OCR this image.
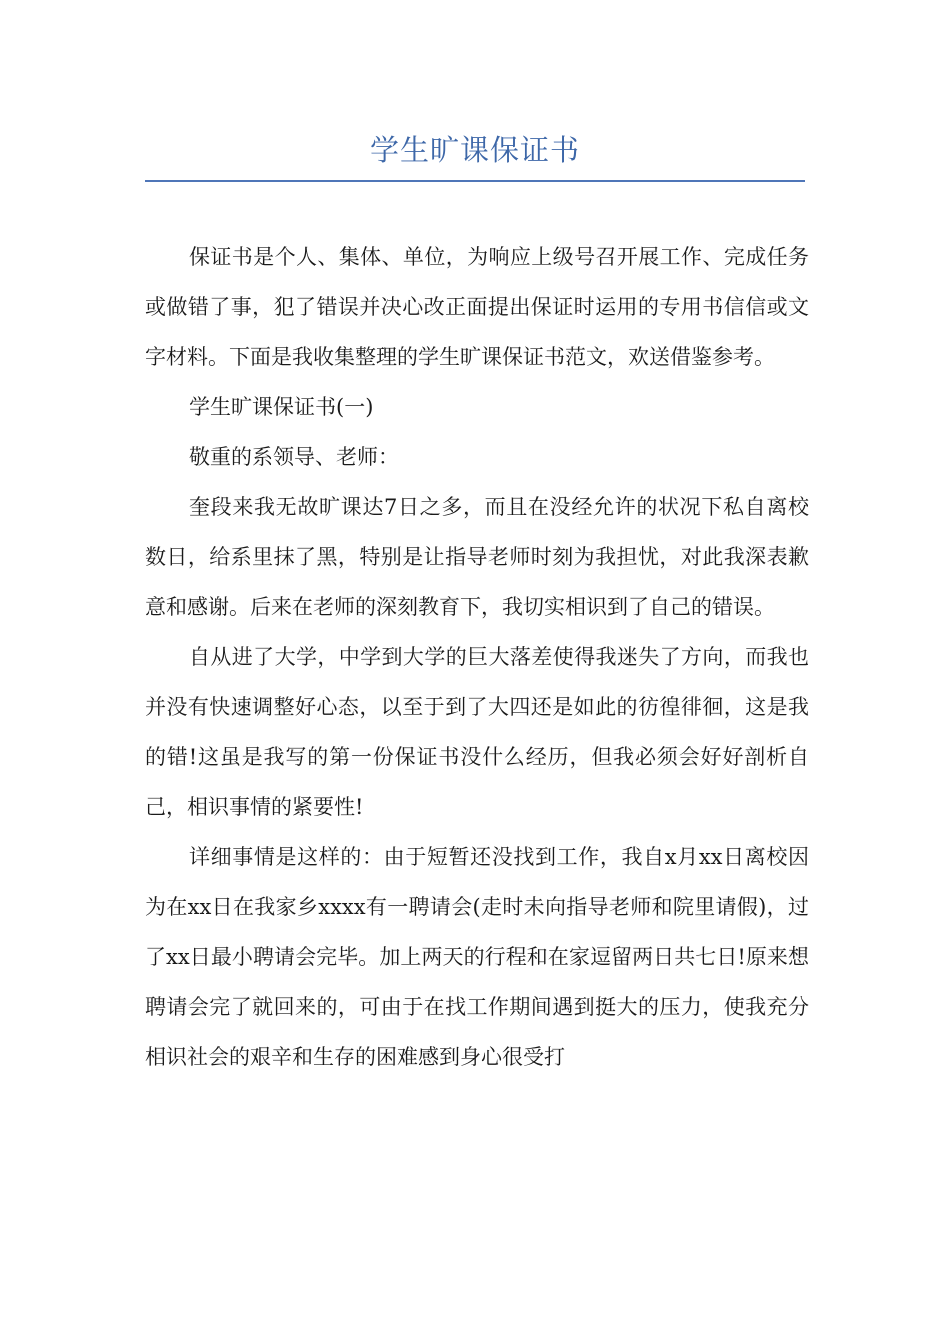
学生旷课保证书

保证书是个人、集体、单位，为响应上级号召开展工作、完成任务或做错了事，犯了错误并决心改正面提出保证时运用的专用书信信或文字材料。下面是我收集整理的学生旷课保证书范文，欢送借鉴参考。

学生旷课保证书(一)

敬重的系领导、老师：

奎段来我无故旷课达7日之多，而且在没经允许的状况下私自离校数日，给系里抹了黑，特别是让指导老师时刻为我担忧，对此我深表歉意和感谢。后来在老师的深刻教育下，我切实相识到了自己的错误。

自从进了大学，中学到大学的巨大落差使得我迷失了方向，而我也并没有快速调整好心态，以至于到了大四还是如此的彷徨徘徊，这是我的错!这虽是我写的第一份保证书没什么经历，但我必须会好好剖析自己，相识事情的紧要性!

详细事情是这样的：由于短暂还没找到工作，我自x月xx日离校因为在xx日在我家乡xxxx有一聘请会(走时未向指导老师和院里请假)，过了xx日最小聘请会完毕。加上两天的行程和在家逗留两日共七日!原来想聘请会完了就回来的，可由于在找工作期间遇到挺大的压力，使我充分相识社会的艰辛和生存的困难感到身心很受打
